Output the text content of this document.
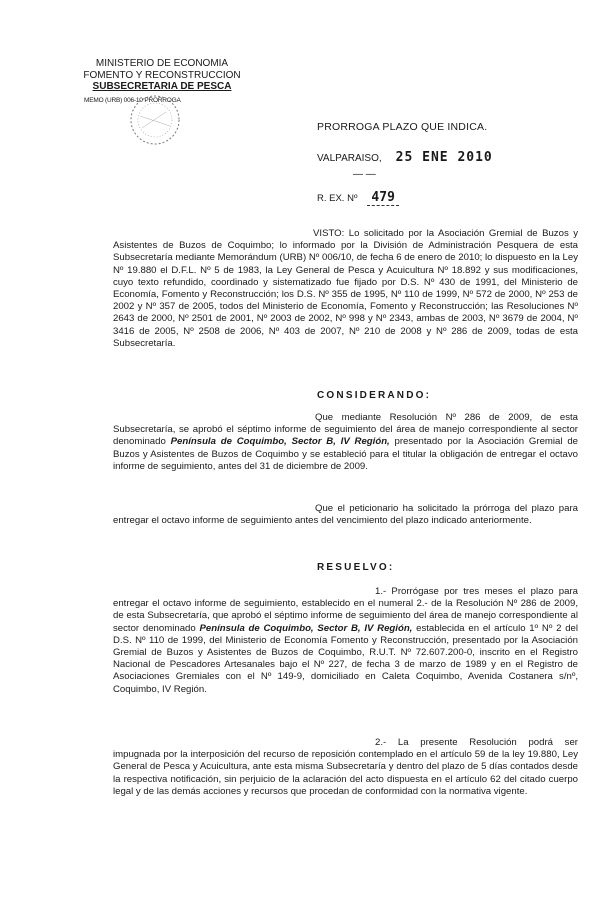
MINISTERIO DE ECONOMIA
FOMENTO Y RECONSTRUCCION
SUBSECRETARIA DE PESCA
MEMO (URB) 006-10 PRORROGA
PRORROGA PLAZO QUE INDICA.
VALPARAISO, 25 ENE 2010
— —
R. EX. Nº 479
VISTO: Lo solicitado por la Asociación Gremial de Buzos y Asistentes de Buzos de Coquimbo; lo informado por la División de Administración Pesquera de esta Subsecretaría mediante Memorándum (URB) Nº 006/10, de fecha 6 de enero de 2010; lo dispuesto en la Ley Nº 19.880 el D.F.L. Nº 5 de 1983, la Ley General de Pesca y Acuicultura Nº 18.892 y sus modificaciones, cuyo texto refundido, coordinado y sistematizado fue fijado por D.S. Nº 430 de 1991, del Ministerio de Economía, Fomento y Reconstrucción; los D.S. Nº 355 de 1995, Nº 110 de 1999, Nº 572 de 2000, Nº 253 de 2002 y Nº 357 de 2005, todos del Ministerio de Economía, Fomento y Reconstrucción; las Resoluciones Nº 2643 de 2000, Nº 2501 de 2001, Nº 2003 de 2002, Nº 998 y Nº 2343, ambas de 2003, Nº 3679 de 2004, Nº 3416 de 2005, Nº 2508 de 2006, Nº 403 de 2007, Nº 210 de 2008 y Nº 286 de 2009, todas de esta Subsecretaría.
CONSIDERANDO:
Que mediante Resolución Nº 286 de 2009, de esta Subsecretaría, se aprobó el séptimo informe de seguimiento del área de manejo correspondiente al sector denominado Península de Coquimbo, Sector B, IV Región, presentado por la Asociación Gremial de Buzos y Asistentes de Buzos de Coquimbo y se estableció para el titular la obligación de entregar el octavo informe de seguimiento, antes del 31 de diciembre de 2009.
Que el peticionario ha solicitado la prórroga del plazo para entregar el octavo informe de seguimiento antes del vencimiento del plazo indicado anteriormente.
RESUELVO:
1.- Prorrógase por tres meses el plazo para entregar el octavo informe de seguimiento, establecido en el numeral 2.- de la Resolución Nº 286 de 2009, de esta Subsecretaría, que aprobó el séptimo informe de seguimiento del área de manejo correspondiente al sector denominado Península de Coquimbo, Sector B, IV Región, establecida en el artículo 1º Nº 2 del D.S. Nº 110 de 1999, del Ministerio de Economía Fomento y Reconstrucción, presentado por la Asociación Gremial de Buzos y Asistentes de Buzos de Coquimbo, R.U.T. Nº 72.607.200-0, inscrito en el Registro Nacional de Pescadores Artesanales bajo el Nº 227, de fecha 3 de marzo de 1989 y en el Registro de Asociaciones Gremiales con el Nº 149-9, domiciliado en Caleta Coquimbo, Avenida Costanera s/nº, Coquimbo, IV Región.
2.- La presente Resolución podrá ser impugnada por la interposición del recurso de reposición contemplado en el artículo 59 de la ley 19.880, Ley General de Pesca y Acuicultura, ante esta misma Subsecretaría y dentro del plazo de 5 días contados desde la respectiva notificación, sin perjuicio de la aclaración del acto dispuesta en el artículo 62 del citado cuerpo legal y de las demás acciones y recursos que procedan de conformidad con la normativa vigente.
